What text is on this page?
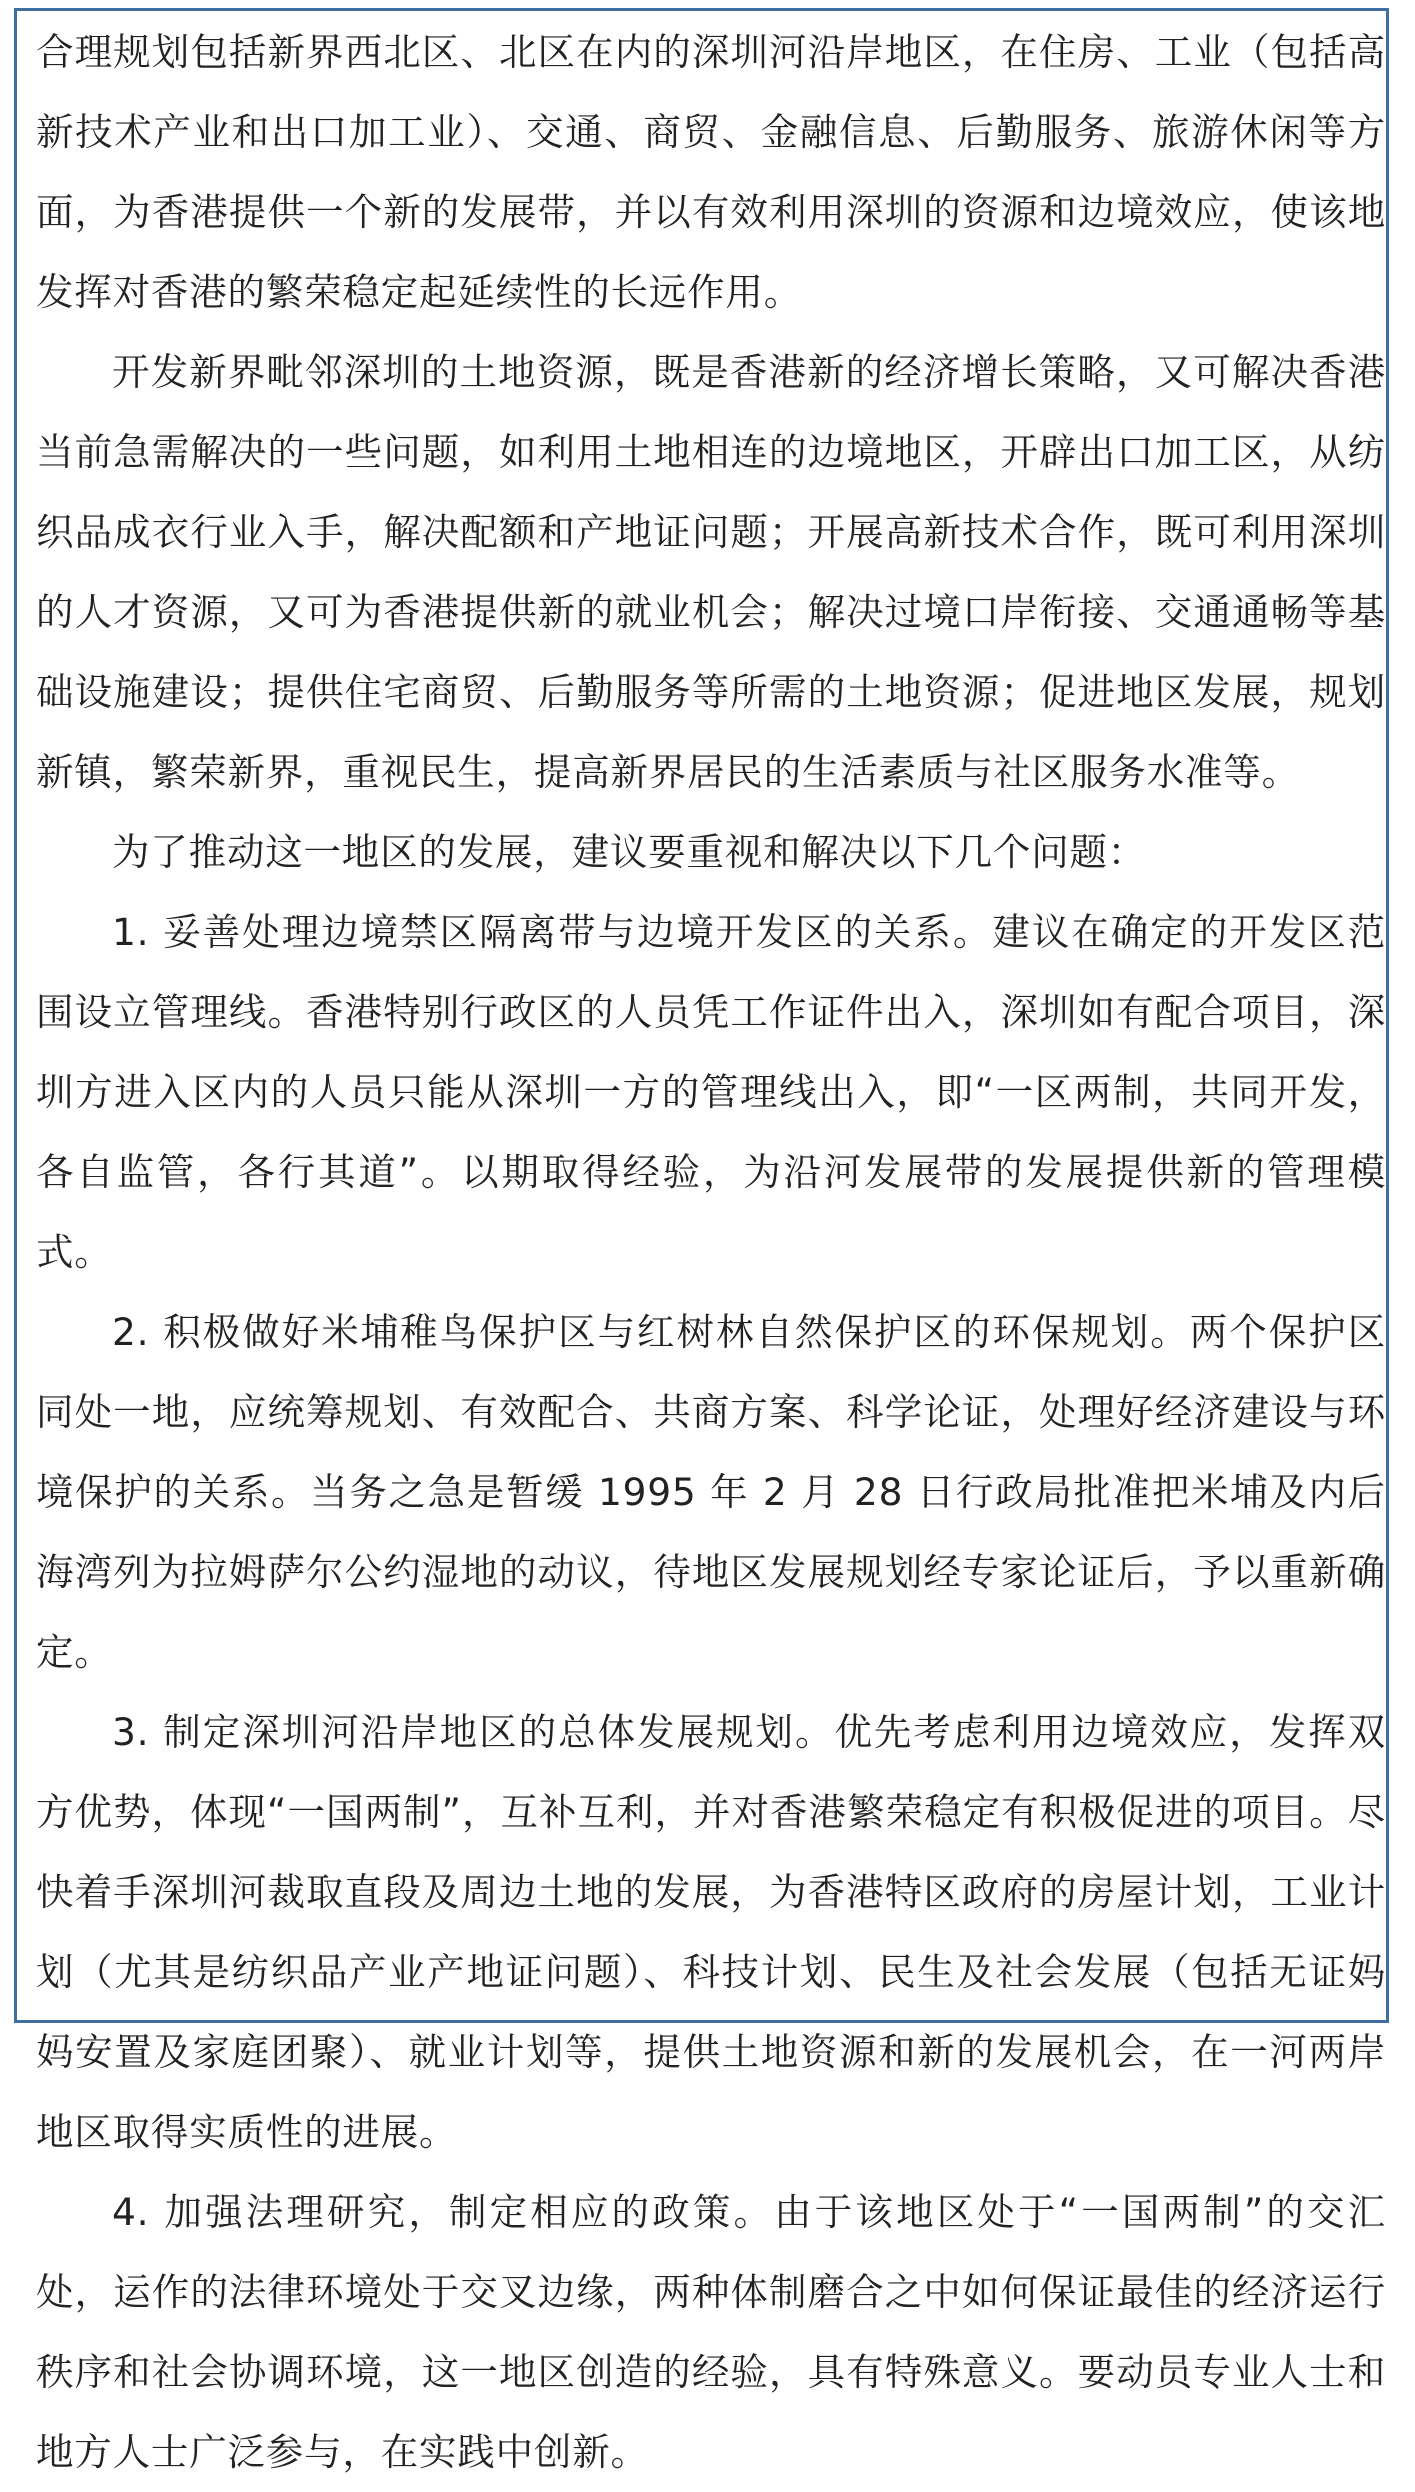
合理规划包括新界西北区、北区在内的深圳河沿岸地区，在住房、工业（包括高新技术产业和出口加工业）、交通、商贸、金融信息、后勤服务、旅游休闲等方面，为香港提供一个新的发展带，并以有效利用深圳的资源和边境效应，使该地发挥对香港的繁荣稳定起延续性的长远作用。

开发新界毗邻深圳的土地资源，既是香港新的经济增长策略，又可解决香港当前急需解决的一些问题，如利用土地相连的边境地区，开辟出口加工区，从纺织品成衣行业入手，解决配额和产地证问题；开展高新技术合作，既可利用深圳的人才资源，又可为香港提供新的就业机会；解决过境口岸衔接、交通通畅等基础设施建设；提供住宅商贸、后勤服务等所需的土地资源；促进地区发展，规划新镇，繁荣新界，重视民生，提高新界居民的生活素质与社区服务水准等。

为了推动这一地区的发展，建议要重视和解决以下几个问题：

1. 妥善处理边境禁区隔离带与边境开发区的关系。建议在确定的开发区范围设立管理线。香港特别行政区的人员凭工作证件出入，深圳如有配合项目，深圳方进入区内的人员只能从深圳一方的管理线出入，即“一区两制，共同开发，各自监管，各行其道”。以期取得经验，为沿河发展带的发展提供新的管理模式。

2. 积极做好米埔稚鸟保护区与红树林自然保护区的环保规划。两个保护区同处一地，应统筹规划、有效配合、共商方案、科学论证，处理好经济建设与环境保护的关系。当务之急是暂缓 1995 年 2 月 28 日行政局批准把米埔及内后海湾列为拉姆萨尔公约湿地的动议，待地区发展规划经专家论证后，予以重新确定。

3. 制定深圳河沿岸地区的总体发展规划。优先考虑利用边境效应，发挥双方优势，体现“一国两制”，互补互利，并对香港繁荣稳定有积极促进的项目。尽快着手深圳河裁取直段及周边土地的发展，为香港特区政府的房屋计划，工业计划（尤其是纺织品产业产地证问题）、科技计划、民生及社会发展（包括无证妈妈安置及家庭团聚）、就业计划等，提供土地资源和新的发展机会，在一河两岸地区取得实质性的进展。

4. 加强法理研究，制定相应的政策。由于该地区处于“一国两制”的交汇处，运作的法律环境处于交叉边缘，两种体制磨合之中如何保证最佳的经济运行秩序和社会协调环境，这一地区创造的经验，具有特殊意义。要动员专业人士和地方人士广泛参与，在实践中创新。
